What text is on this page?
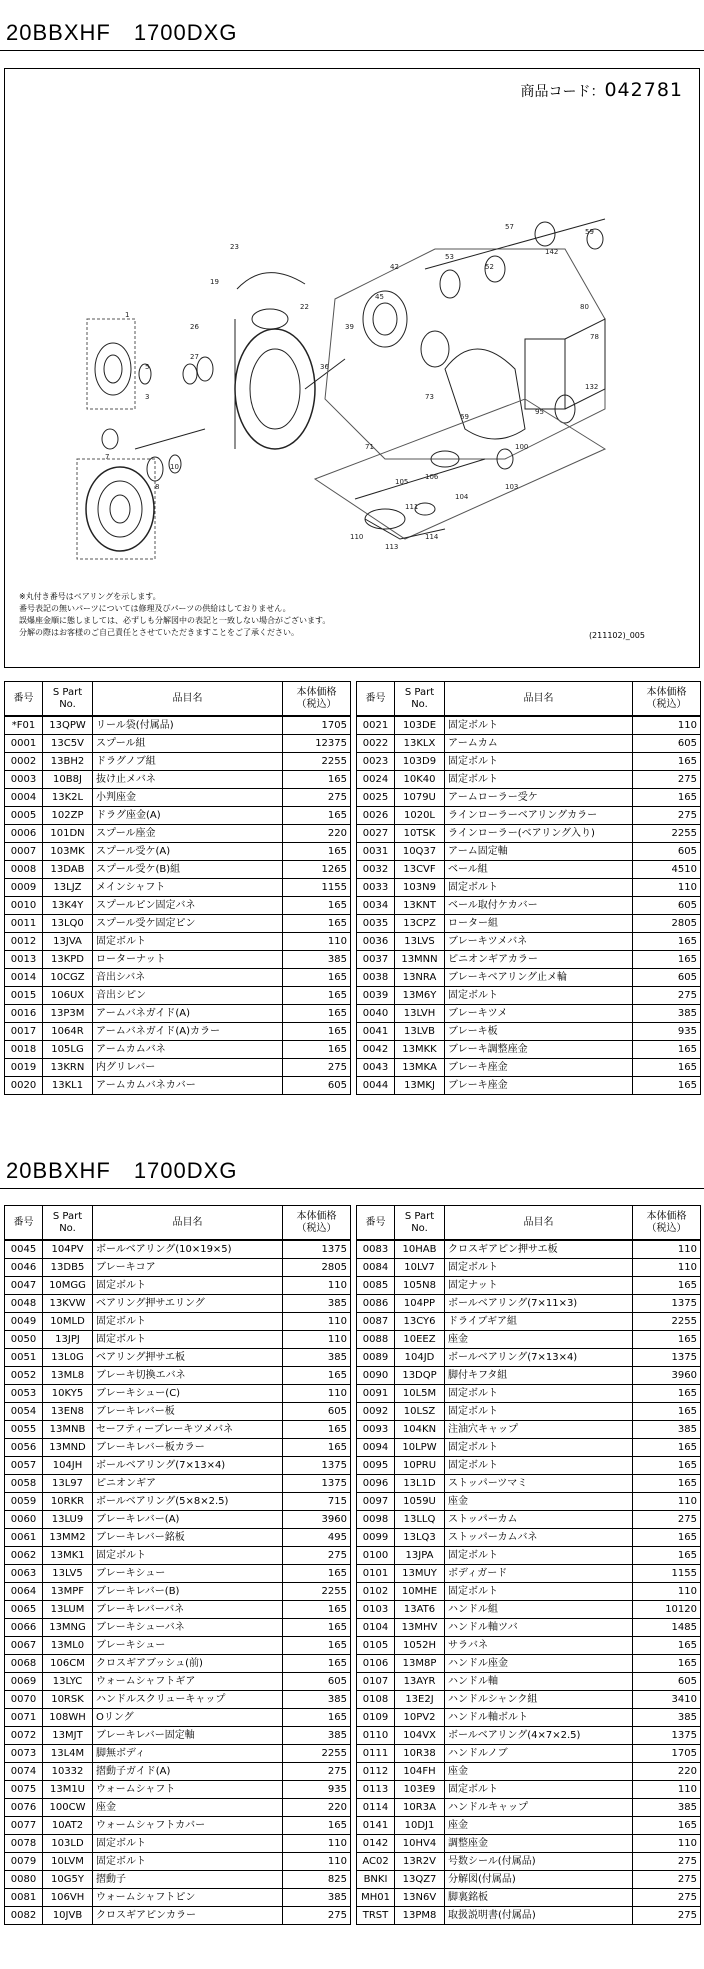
20BBXHF　1700DXG
商品コード：042781
1
5
3
7
8
10
23
19
26
27
22
36
39
45
42
53
52
57
142
59
80
78
132
95
100
69
73
71
110
113
114
103
104
106
105
111
※丸付き番号はベアリングを示します。
番号表記の無いパーツについては修理及びパーツの供給はしておりません。
誤爆座金順に態しましては、必ずしも分解図中の表記と一致しない場合がございます。
分解の際はお客様のご自己責任とさせていただきますことをご了承ください。	(211102)_005
番号	S Part
No.	品目名	本体価格
（税込）
*F01	13QPW	リール袋(付属品)	1705
0001	13C5V	スプール組	12375
0002	13BH2	ドラグノブ組	2255
0003	10B8J	抜け止メバネ	165
0004	13K2L	小判座金	275
0005	102ZP	ドラグ座金(A)	165
0006	101DN	スプール座金	220
0007	103MK	スプール受ケ(A)	165
0008	13DAB	スプール受ケ(B)組	1265
0009	13LJZ	メインシャフト	1155
0010	13K4Y	スプールピン固定バネ	165
0011	13LQ0	スプール受ケ固定ピン	165
0012	13JVA	固定ボルト	110
0013	13KPD	ローターナット	385
0014	10CGZ	音出シバネ	165
0015	106UX	音出シピン	165
0016	13P3M	アームバネガイド(A)	165
0017	1064R	アームバネガイド(A)カラー	165
0018	105LG	アームカムバネ	165
0019	13KRN	内グリレバー	275
0020	13KL1	アームカムバネカバー	605
番号	S Part
No.	品目名	本体価格
（税込）
0021	103DE	固定ボルト	110
0022	13KLX	アームカム	605
0023	103D9	固定ボルト	165
0024	10K40	固定ボルト	275
0025	1079U	アームローラー受ケ	165
0026	1020L	ラインローラーベアリングカラー	275
0027	10TSK	ラインローラー(ベアリング入り)	2255
0031	10Q37	アーム固定軸	605
0032	13CVF	ベール組	4510
0033	103N9	固定ボルト	110
0034	13KNT	ベール取付ケカバー	605
0035	13CPZ	ローター組	2805
0036	13LVS	ブレーキツメバネ	165
0037	13MNN	ピニオンギアカラー	165
0038	13NRA	ブレーキベアリング止メ輪	605
0039	13M6Y	固定ボルト	275
0040	13LVH	ブレーキツメ	385
0041	13LVB	ブレーキ板	935
0042	13MKK	ブレーキ調整座金	165
0043	13MKA	ブレーキ座金	165
0044	13MKJ	ブレーキ座金	165
20BBXHF　1700DXG
番号	S Part
No.	品目名	本体価格
（税込）
0045	104PV	ボールベアリング(10×19×5)	1375
0046	13DB5	ブレーキコア	2805
0047	10MGG	固定ボルト	110
0048	13KVW	ベアリング押サエリング	385
0049	10MLD	固定ボルト	110
0050	13JPJ	固定ボルト	110
0051	13L0G	ベアリング押サエ板	385
0052	13ML8	ブレーキ切換エバネ	165
0053	10KY5	ブレーキシュー(C)	110
0054	13EN8	ブレーキレバー板	605
0055	13MNB	セーフティーブレーキツメバネ	165
0056	13MND	ブレーキレバー板カラー	165
0057	104JH	ボールベアリング(7×13×4)	1375
0058	13L97	ピニオンギア	1375
0059	10RKR	ボールベアリング(5×8×2.5)	715
0060	13LU9	ブレーキレバー(A)	3960
0061	13MM2	ブレーキレバー銘板	495
0062	13MK1	固定ボルト	275
0063	13LV5	ブレーキシュー	165
0064	13MPF	ブレーキレバー(B)	2255
0065	13LUM	ブレーキレバーバネ	165
0066	13MNG	ブレーキシューバネ	165
0067	13ML0	ブレーキシュー	165
0068	106CM	クロスギアブッシュ(前)	165
0069	13LYC	ウォームシャフトギア	605
0070	10RSK	ハンドルスクリューキャップ	385
0071	108WH	Oリング	165
0072	13MJT	ブレーキレバー固定軸	385
0073	13L4M	脚無ボディ	2255
0074	10332	摺動子ガイド(A)	275
0075	13M1U	ウォームシャフト	935
0076	100CW	座金	220
0077	10AT2	ウォームシャフトカバー	165
0078	103LD	固定ボルト	110
0079	10LVM	固定ボルト	110
0080	10G5Y	摺動子	825
0081	106VH	ウォームシャフトピン	385
0082	10JVB	クロスギアピンカラー	275
番号	S Part
No.	品目名	本体価格
（税込）
0083	10HAB	クロスギアピン押サエ板	110
0084	10LV7	固定ボルト	110
0085	105N8	固定ナット	165
0086	104PP	ボールベアリング(7×11×3)	1375
0087	13CY6	ドライブギア組	2255
0088	10EEZ	座金	165
0089	104JD	ボールベアリング(7×13×4)	1375
0090	13DQP	脚付キフタ組	3960
0091	10L5M	固定ボルト	165
0092	10LSZ	固定ボルト	165
0093	104KN	注油穴キャップ	385
0094	10LPW	固定ボルト	165
0095	10PRU	固定ボルト	165
0096	13L1D	ストッパーツマミ	165
0097	1059U	座金	110
0098	13LLQ	ストッパーカム	275
0099	13LQ3	ストッパーカムバネ	165
0100	13JPA	固定ボルト	165
0101	13MUY	ボディガード	1155
0102	10MHE	固定ボルト	110
0103	13AT6	ハンドル組	10120
0104	13MHV	ハンドル軸ツバ	1485
0105	1052H	サラバネ	165
0106	13M8P	ハンドル座金	165
0107	13AYR	ハンドル軸	605
0108	13E2J	ハンドルシャンク組	3410
0109	10PV2	ハンドル軸ボルト	385
0110	104VX	ボールベアリング(4×7×2.5)	1375
0111	10R38	ハンドルノブ	1705
0112	104FH	座金	220
0113	103E9	固定ボルト	110
0114	10R3A	ハンドルキャップ	385
0141	10DJ1	座金	165
0142	10HV4	調整座金	110
AC02	13R2V	号数シール(付属品)	275
BNKI	13QZ7	分解図(付属品)	275
MH01	13N6V	脚裏銘板	275
TRST	13PM8	取扱説明書(付属品)	275
